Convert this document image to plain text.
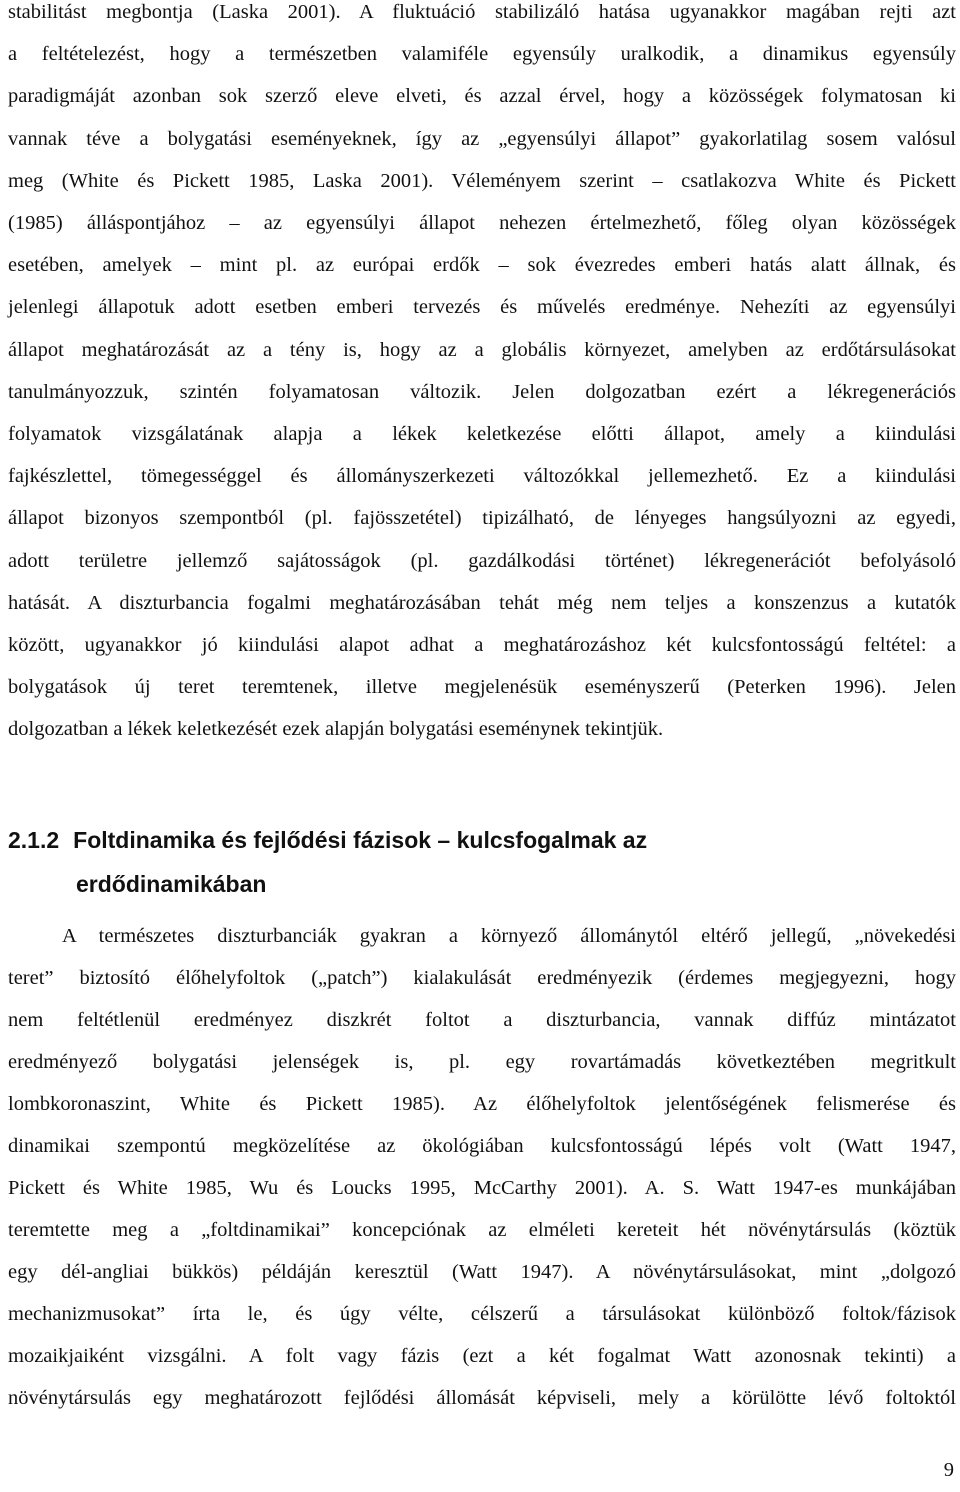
stabilitást megbontja (Laska 2001). A fluktuáció stabilizáló hatása ugyanakkor magában rejti azt
a feltételezést, hogy a természetben valamiféle egyensúly uralkodik, a dinamikus egyensúly
paradigmáját azonban sok szerző eleve elveti, és azzal érvel, hogy a közösségek folymatosan ki
vannak téve a bolygatási eseményeknek, így az „egyensúlyi állapot” gyakorlatilag sosem valósul
meg (White és Pickett 1985, Laska 2001). Véleményem szerint – csatlakozva White és Pickett
(1985) álláspontjához – az egyensúlyi állapot nehezen értelmezhető, főleg olyan közösségek
esetében, amelyek – mint pl. az európai erdők – sok évezredes emberi hatás alatt állnak, és
jelenlegi állapotuk adott esetben emberi tervezés és művelés eredménye. Nehezíti az egyensúlyi
állapot meghatározását az a tény is, hogy az a globális környezet, amelyben az erdőtársulásokat
tanulmányozzuk, szintén folyamatosan változik. Jelen dolgozatban ezért a lékregenerációs
folyamatok vizsgálatának alapja a lékek keletkezése előtti állapot, amely a kiindulási
fajkészlettel, tömegességgel és állományszerkezeti változókkal jellemezhető. Ez a kiindulási
állapot bizonyos szempontból (pl. fajösszetétel) tipizálható, de lényeges hangsúlyozni az egyedi,
adott területre jellemző sajátosságok (pl. gazdálkodási történet) lékregenerációt befolyásoló
hatását. A diszturbancia fogalmi meghatározásában tehát még nem teljes a konszenzus a kutatók
között, ugyanakkor jó kiindulási alapot adhat a meghatározáshoz két kulcsfontosságú feltétel: a
bolygatások új teret teremtenek, illetve megjelenésük eseményszerű (Peterken 1996). Jelen
dolgozatban a lékek keletkezését ezek alapján bolygatási eseménynek tekintjük.
2.1.2 Foltdinamika és fejlődési fázisok – kulcsfogalmak az
erdődinamikában
A természetes diszturbanciák gyakran a környező állománytól eltérő jellegű, „növekedési
teret” biztosító élőhelyfoltok („patch”) kialakulását eredményezik (érdemes megjegyezni, hogy
nem feltétlenül eredményez diszkrét foltot a diszturbancia, vannak diffúz mintázatot
eredményező bolygatási jelenségek is, pl. egy rovartámadás következtében megritkult
lombkoronaszint, White és Pickett 1985). Az élőhelyfoltok jelentőségének felismerése és
dinamikai szempontú megközelítése az ökológiában kulcsfontosságú lépés volt (Watt 1947,
Pickett és White 1985, Wu és Loucks 1995, McCarthy 2001). A. S. Watt 1947-es munkájában
teremtette meg a „foltdinamikai” koncepciónak az elméleti kereteit hét növénytársulás (köztük
egy dél-angliai bükkös) példáján keresztül (Watt 1947). A növénytársulásokat, mint „dolgozó
mechanizmusokat” írta le, és úgy vélte, célszerű a társulásokat különböző foltok/fázisok
mozaikjaiként vizsgálni. A folt vagy fázis (ezt a két fogalmat Watt azonosnak tekinti) a
növénytársulás egy meghatározott fejlődési állomását képviseli, mely a körülötte lévő foltoktól
9
